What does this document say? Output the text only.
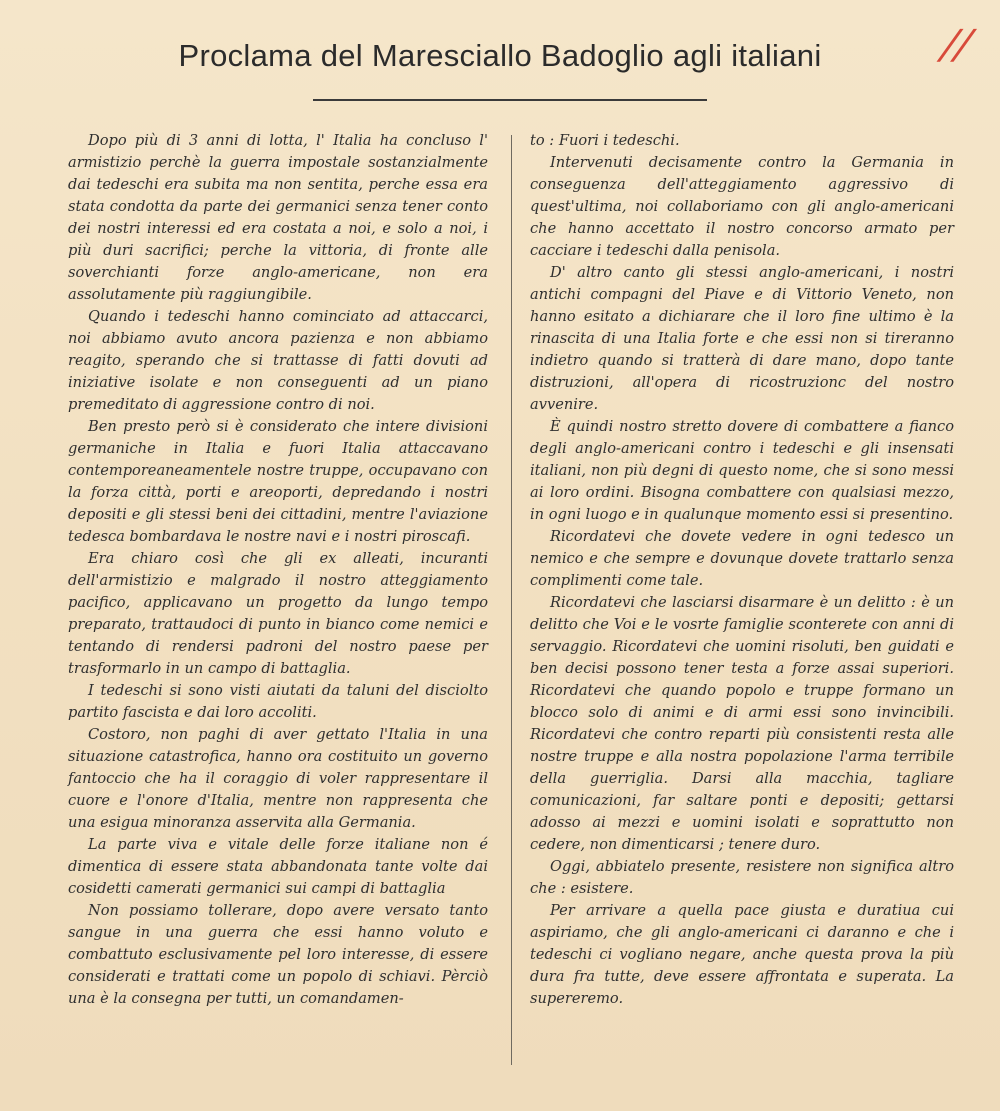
Proclama del Maresciallo Badoglio agli italiani	//

Dopo più di 3 anni di lotta, l' Italia ha concluso l' armistizio perchè la guerra impostale sostanzialmente dai tedeschi era subita ma non sentita, perche essa era stata condotta da parte dei germanici senza tener conto dei nostri interessi ed era costata a noi, e solo a noi, i più duri sacrifici; perche la vittoria, di fronte alle soverchianti forze anglo-americane, non era assolutamente più raggiungibile.

Quando i tedeschi hanno cominciato ad attaccarci, noi abbiamo avuto ancora pazienza e non abbiamo reagito, sperando che si trattasse di fatti dovuti ad iniziative isolate e non conseguenti ad un piano premeditato di aggressione contro di noi.

Ben presto però si è considerato che intere divisioni germaniche in Italia e fuori Italia attaccavano contemporeaneamentele nostre truppe, occupavano con la forza città, porti e areoporti, depredando i nostri depositi e gli stessi beni dei cittadini, mentre l'aviazione tedesca bombardava le nostre navi e i nostri piroscafi.

Era chiaro così che gli ex alleati, incuranti dell'armistizio e malgrado il nostro atteggiamento pacifico, applicavano un progetto da lungo tempo preparato, trattaudoci di punto in bianco come nemici e tentando di rendersi padroni del nostro paese per trasformarlo in un campo di battaglia.

I tedeschi si sono visti aiutati da taluni del disciolto partito fascista e dai loro accoliti.

Costoro, non paghi di aver gettato l'Italia in una situazione catastrofica, hanno ora costituito un governo fantoccio che ha il coraggio di voler rappresentare il cuore e l'onore d'Italia, mentre non rappresenta che una esigua minoranza asservita alla Germania.

La parte viva e vitale delle forze italiane non é dimentica di essere stata abbandonata tante volte dai cosidetti camerati germanici sui campi di battaglia

Non possiamo tollerare, dopo avere versato tanto sangue in una guerra che essi hanno voluto e combattuto esclusivamente pel loro interesse, di essere considerati e trattati come un popolo di schiavi. Pèrciò una è la consegna per tutti, un comandamen-

to : Fuori i tedeschi.

Intervenuti decisamente contro la Germania in conseguenza dell'atteggiamento aggressivo di quest'ultima, noi collaboriamo con gli anglo-americani che hanno accettato il nostro concorso armato per cacciare i tedeschi dalla penisola.

D' altro canto gli stessi anglo-americani, i nostri antichi compagni del Piave e di Vittorio Veneto, non hanno esitato a dichiarare che il loro fine ultimo è la rinascita di una Italia forte e che essi non si tireranno indietro quando si tratterà di dare mano, dopo tante distruzioni, all'opera di ricostruzionc del nostro avvenire.

È quindi nostro stretto dovere di combattere a fianco degli anglo-americani contro i tedeschi e gli insensati italiani, non più degni di questo nome, che si sono messi ai loro ordini. Bisogna combattere con qualsiasi mezzo, in ogni luogo e in qualunque momento essi si presentino.

Ricordatevi che dovete vedere in ogni tedesco un nemico e che sempre e dovunque dovete trattarlo senza complimenti come tale.

Ricordatevi che lasciarsi disarmare è un delitto : è un delitto che Voi e le vosrte famiglie sconterete con anni di servaggio. Ricordatevi che uomini risoluti, ben guidati e ben decisi possono tener testa a forze assai superiori. Ricordatevi che quando popolo e truppe formano un blocco solo di animi e di armi essi sono invincibili. Ricordatevi che contro reparti più consistenti resta alle nostre truppe e alla nostra popolazione l'arma terribile della guerriglia. Darsi alla macchia, tagliare comunicazioni, far saltare ponti e depositi; gettarsi adosso ai mezzi e uomini isolati e soprattutto non cedere, non dimenticarsi ; tenere duro.

Oggi, abbiatelo presente, resistere non significa altro che : esistere.

Per arrivare a quella pace giusta e duratiua cui aspiriamo, che gli anglo-americani ci daranno e che i tedeschi ci vogliano negare, anche questa prova la più dura fra tutte, deve essere affrontata e superata. La supereremo.
